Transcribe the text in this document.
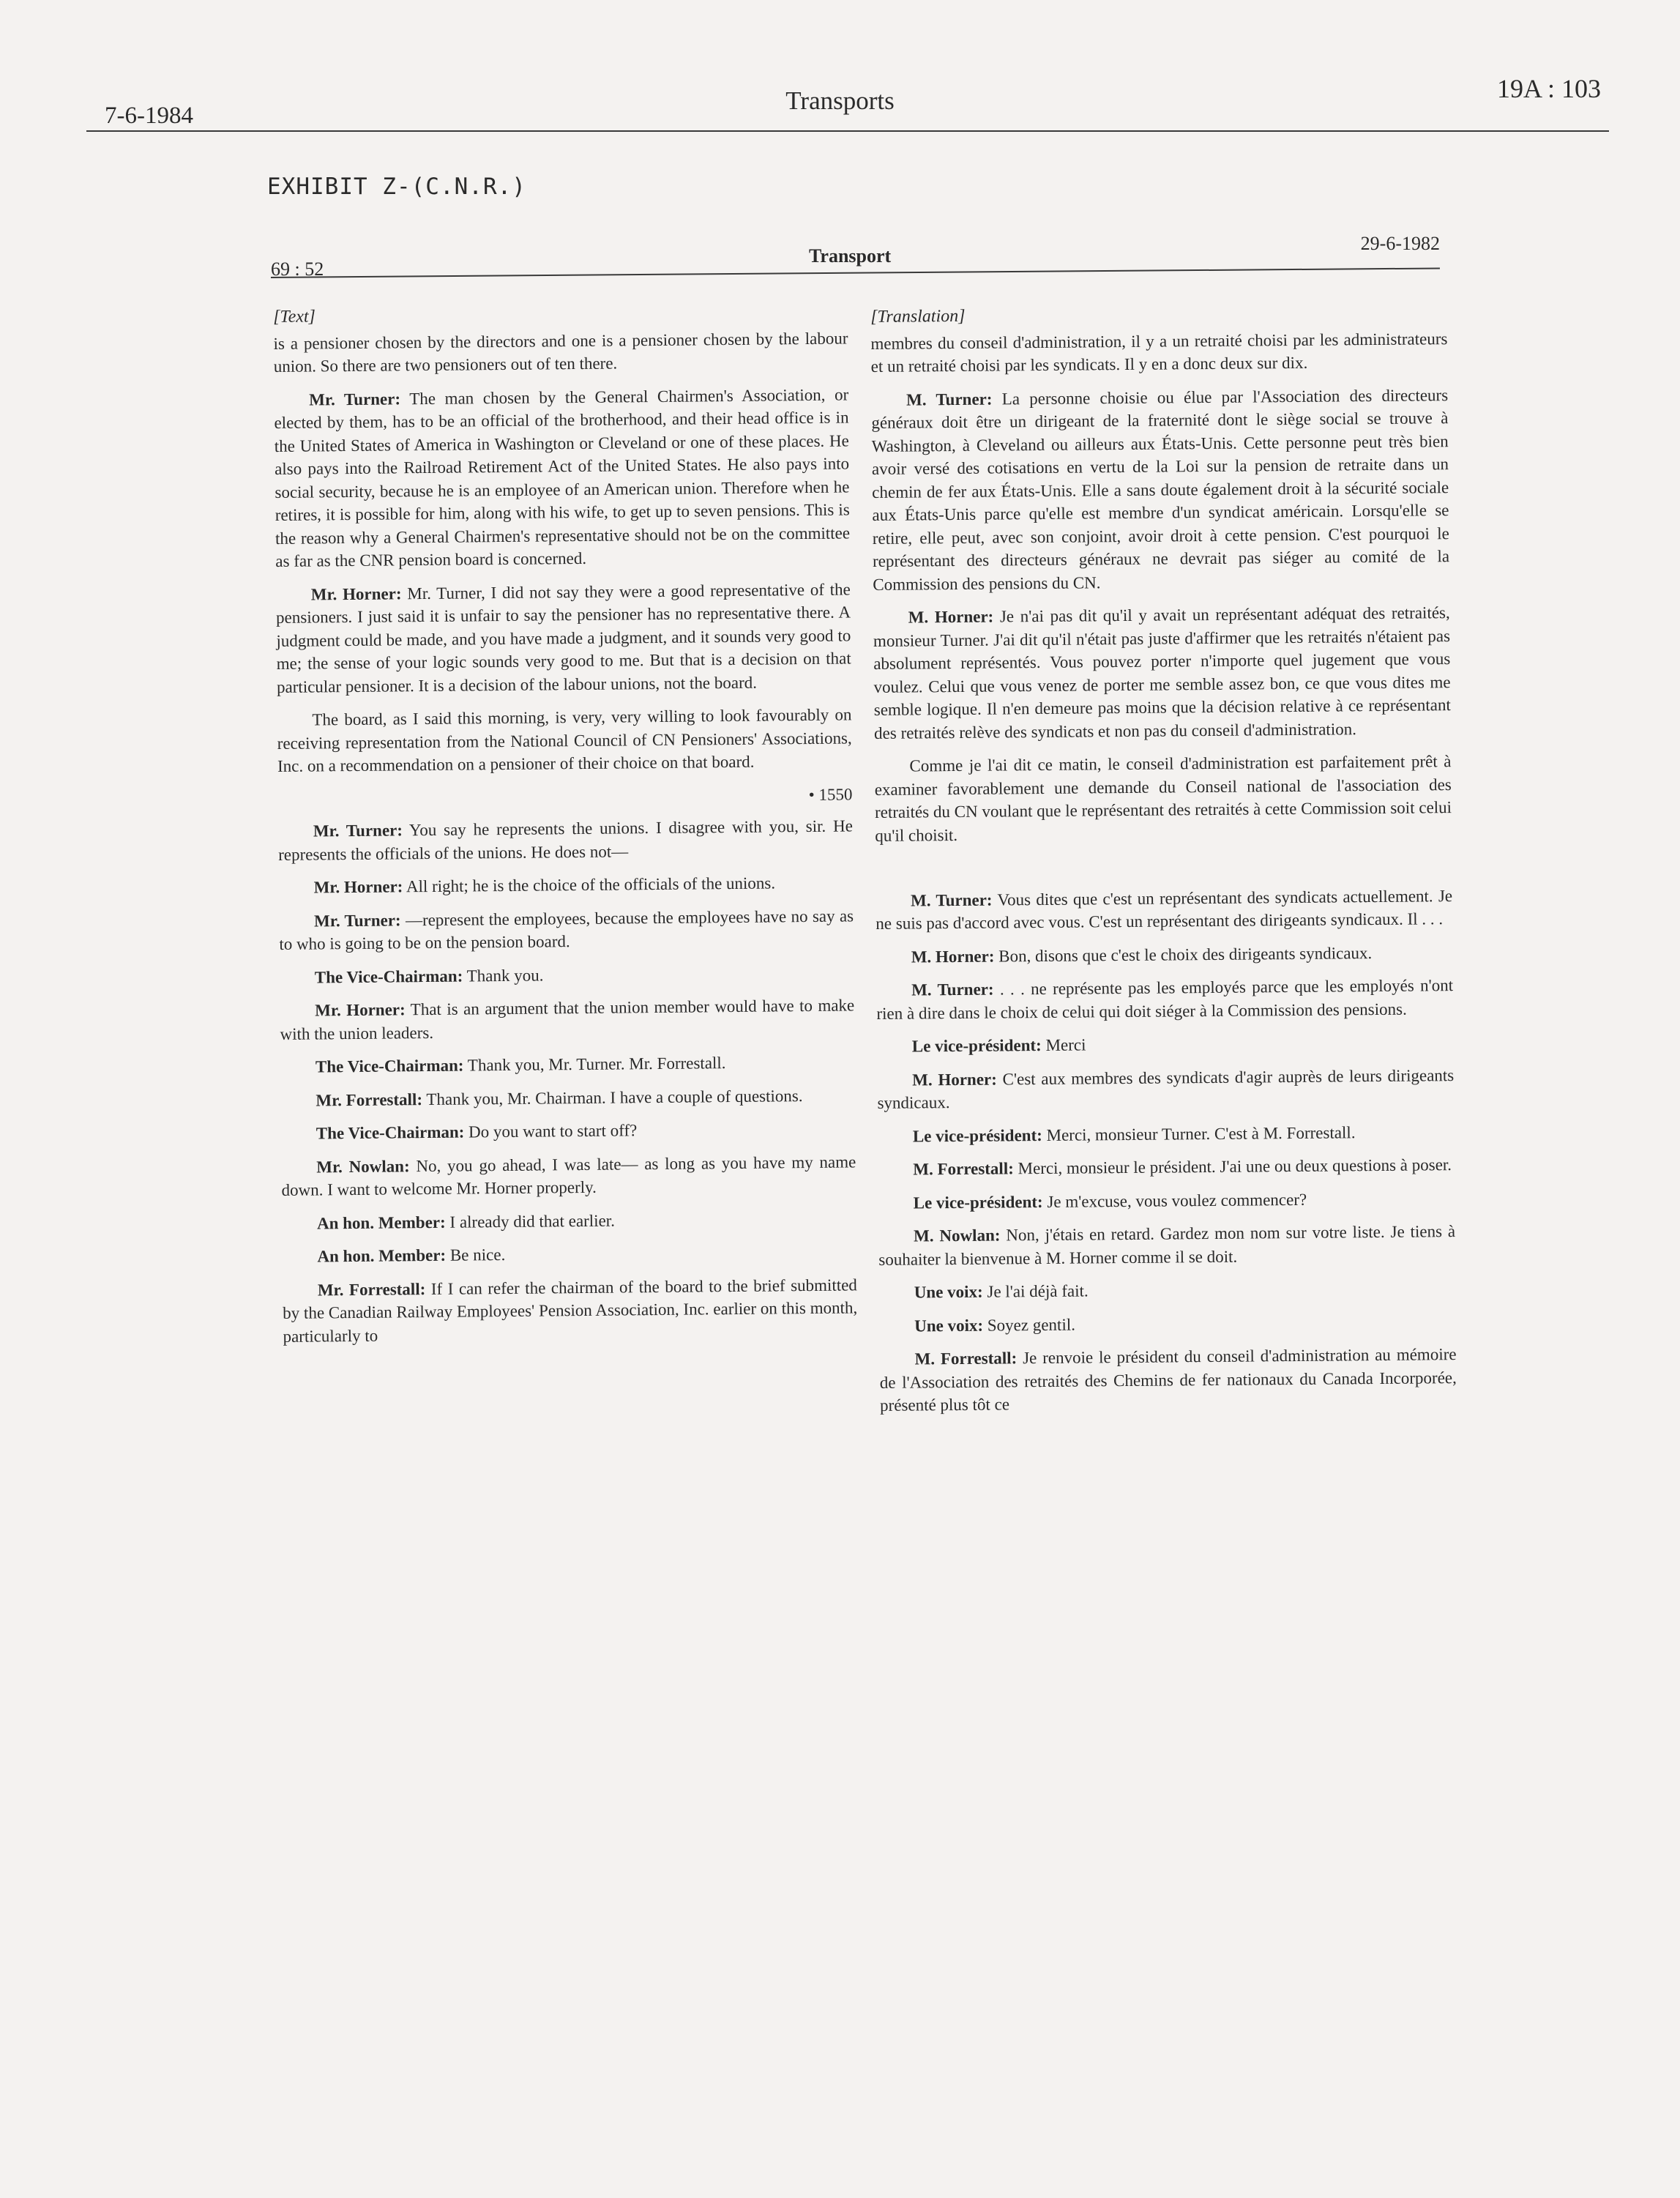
7-6-1984
Transports	19A : 103
EXHIBIT Z-(C.N.R.)
69 : 52
Transport
29-6-1982
[Text]

is a pensioner chosen by the directors and one is a pensioner chosen by the labour union. So there are two pensioners out of ten there.

Mr. Turner: The man chosen by the General Chairmen's Association, or elected by them, has to be an official of the brotherhood, and their head office is in the United States of America in Washington or Cleveland or one of these places. He also pays into the Railroad Retirement Act of the United States. He also pays into social security, because he is an employee of an American union. Therefore when he retires, it is possible for him, along with his wife, to get up to seven pensions. This is the reason why a General Chairmen's representative should not be on the committee as far as the CNR pension board is concerned.

Mr. Horner: Mr. Turner, I did not say they were a good representative of the pensioners. I just said it is unfair to say the pensioner has no representative there. A judgment could be made, and you have made a judgment, and it sounds very good to me; the sense of your logic sounds very good to me. But that is a decision on that particular pensioner. It is a decision of the labour unions, not the board.

The board, as I said this morning, is very, very willing to look favourably on receiving representation from the National Council of CN Pensioners' Associations, Inc. on a recommendation on a pensioner of their choice on that board.

• 1550

Mr. Turner: You say he represents the unions. I disagree with you, sir. He represents the officials of the unions. He does not—

Mr. Horner: All right; he is the choice of the officials of the unions.

Mr. Turner: —represent the employees, because the employees have no say as to who is going to be on the pension board.

The Vice-Chairman: Thank you.

Mr. Horner: That is an argument that the union member would have to make with the union leaders.

The Vice-Chairman: Thank you, Mr. Turner. Mr. Forrestall.

Mr. Forrestall: Thank you, Mr. Chairman. I have a couple of questions.

The Vice-Chairman: Do you want to start off?

Mr. Nowlan: No, you go ahead, I was late— as long as you have my name down. I want to welcome Mr. Horner properly.

An hon. Member: I already did that earlier.

An hon. Member: Be nice.

Mr. Forrestall: If I can refer the chairman of the board to the brief submitted by the Canadian Railway Employees' Pension Association, Inc. earlier on this month, particularly to

[Translation]

membres du conseil d'administration, il y a un retraité choisi par les administrateurs et un retraité choisi par les syndicats. Il y en a donc deux sur dix.

M. Turner: La personne choisie ou élue par l'Association des directeurs généraux doit être un dirigeant de la fraternité dont le siège social se trouve à Washington, à Cleveland ou ailleurs aux États-Unis. Cette personne peut très bien avoir versé des cotisations en vertu de la Loi sur la pension de retraite dans un chemin de fer aux États-Unis. Elle a sans doute également droit à la sécurité sociale aux États-Unis parce qu'elle est membre d'un syndicat américain. Lorsqu'elle se retire, elle peut, avec son conjoint, avoir droit à cette pension. C'est pourquoi le représentant des directeurs généraux ne devrait pas siéger au comité de la Commission des pensions du CN.

M. Horner: Je n'ai pas dit qu'il y avait un représentant adéquat des retraités, monsieur Turner. J'ai dit qu'il n'était pas juste d'affirmer que les retraités n'étaient pas absolument représentés. Vous pouvez porter n'importe quel jugement que vous voulez. Celui que vous venez de porter me semble assez bon, ce que vous dites me semble logique. Il n'en demeure pas moins que la décision relative à ce représentant des retraités relève des syndicats et non pas du conseil d'administration.

Comme je l'ai dit ce matin, le conseil d'administration est parfaitement prêt à examiner favorablement une demande du Conseil national de l'association des retraités du CN voulant que le représentant des retraités à cette Commission soit celui qu'il choisit.

M. Turner: Vous dites que c'est un représentant des syndicats actuellement. Je ne suis pas d'accord avec vous. C'est un représentant des dirigeants syndicaux. Il . . .

M. Horner: Bon, disons que c'est le choix des dirigeants syndicaux.

M. Turner: . . . ne représente pas les employés parce que les employés n'ont rien à dire dans le choix de celui qui doit siéger à la Commission des pensions.

Le vice-président: Merci

M. Horner: C'est aux membres des syndicats d'agir auprès de leurs dirigeants syndicaux.

Le vice-président: Merci, monsieur Turner. C'est à M. Forrestall.

M. Forrestall: Merci, monsieur le président. J'ai une ou deux questions à poser.

Le vice-président: Je m'excuse, vous voulez commencer?

M. Nowlan: Non, j'étais en retard. Gardez mon nom sur votre liste. Je tiens à souhaiter la bienvenue à M. Horner comme il se doit.

Une voix: Je l'ai déjà fait.

Une voix: Soyez gentil.

M. Forrestall: Je renvoie le président du conseil d'administration au mémoire de l'Association des retraités des Chemins de fer nationaux du Canada Incorporée, présenté plus tôt ce
